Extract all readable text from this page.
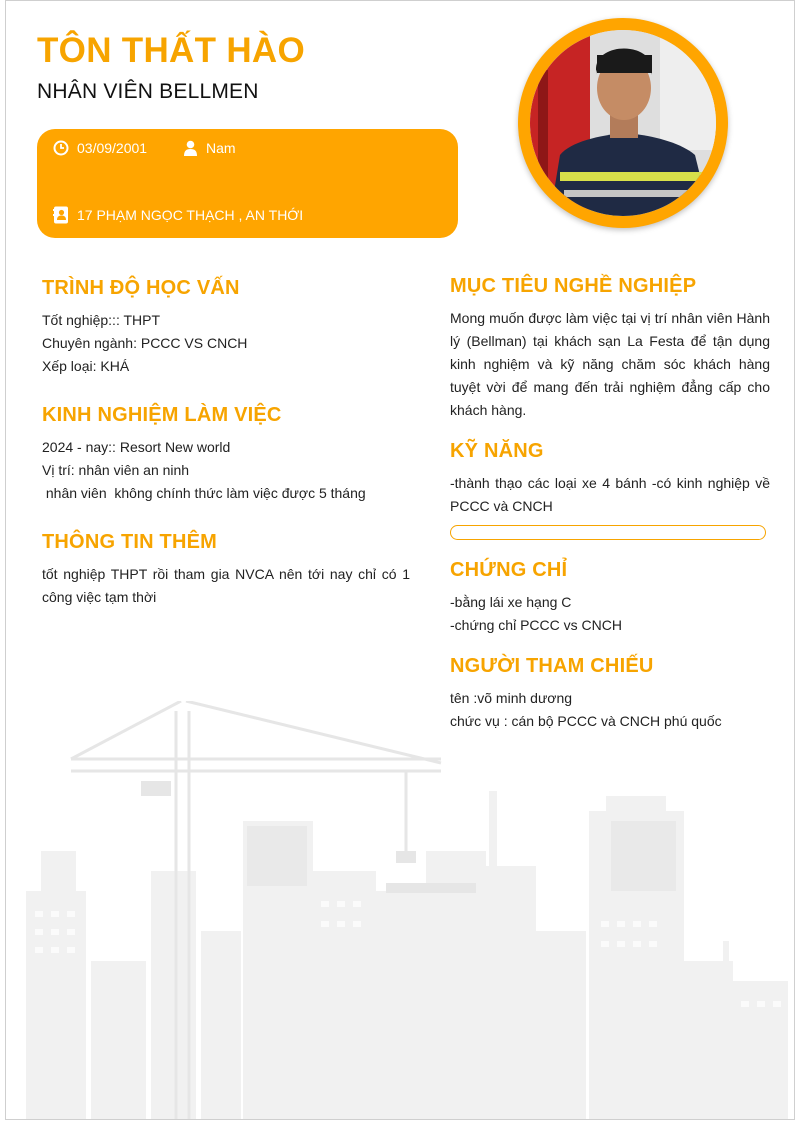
TÔN THẤT HÀO
NHÂN VIÊN BELLMEN
03/09/2001	Nam
17 PHẠM NGỌC THẠCH , AN THỚI
TRÌNH ĐỘ HỌC VẤN
Tốt nghiệp::: THPT
Chuyên ngành: PCCC VS CNCH
Xếp loại: KHÁ
KINH NGHIỆM LÀM VIỆC
2024 - nay:: Resort New world
Vị trí: nhân viên an ninh
nhân viên  không chính thức làm việc được 5 tháng
THÔNG TIN THÊM
tốt nghiệp THPT rồi tham gia NVCA nên tới nay chỉ có 1 công việc tạm thời
MỤC TIÊU NGHỀ NGHIỆP
Mong muốn được làm việc tại vị trí nhân viên Hành lý (Bellman) tại khách sạn La Festa để tận dụng kinh nghiệm và kỹ năng chăm sóc khách hàng tuyệt vời để mang đến trải nghiệm đẳng cấp cho khách hàng.
KỸ NĂNG
-thành thạo các loại xe 4 bánh -có kinh nghiệp về PCCC và CNCH
CHỨNG CHỈ
-bằng lái xe hạng C
-chứng chỉ PCCC vs CNCH
NGƯỜI THAM CHIẾU
tên :võ minh dương
chức vụ : cán bộ PCCC và CNCH phú quốc
